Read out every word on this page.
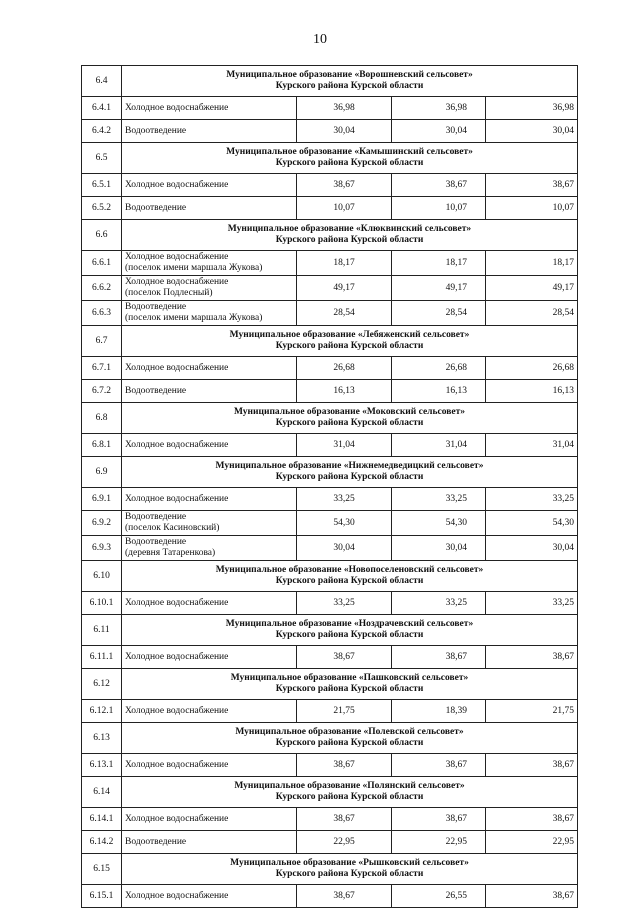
10
6.4	Муниципальное образование «Ворошневский сельсовет»
Курского района Курской области			

6.4.1	Холодное водоснабжение	36,98	36,98	36,98
6.4.2	Водоотведение	30,04	30,04	30,04
6.5	Муниципальное образование «Камышинский сельсовет»
Курского района Курской области			

6.5.1	Холодное водоснабжение	38,67	38,67	38,67
6.5.2	Водоотведение	10,07	10,07	10,07
6.6	Муниципальное образование «Клюквинский сельсовет»
Курского района Курской области			

6.6.1	Холодное водоснабжение
(поселок имени маршала Жукова)	18,17	18,17	18,17
6.6.2	Холодное водоснабжение
(поселок Подлесный)	49,17	49,17	49,17
6.6.3	Водоотведение
(поселок имени маршала Жукова)	28,54	28,54	28,54
6.7	Муниципальное образование «Лебяженский сельсовет»
Курского района Курской области			

6.7.1	Холодное водоснабжение	26,68	26,68	26,68
6.7.2	Водоотведение	16,13	16,13	16,13
6.8	Муниципальное образование «Моковский сельсовет»
Курского района Курской области			

6.8.1	Холодное водоснабжение	31,04	31,04	31,04
6.9	Муниципальное образование «Нижнемедведицкий сельсовет»
Курского района Курской области			

6.9.1	Холодное водоснабжение	33,25	33,25	33,25
6.9.2	Водоотведение
(поселок Касиновский)	54,30	54,30	54,30
6.9.3	Водоотведение
(деревня Татаренкова)	30,04	30,04	30,04
6.10	Муниципальное образование «Новопоселеновский сельсовет»
Курского района Курской области			

6.10.1	Холодное водоснабжение	33,25	33,25	33,25
6.11	Муниципальное образование «Ноздрачевский сельсовет»
Курского района Курской области			

6.11.1	Холодное водоснабжение	38,67	38,67	38,67
6.12	Муниципальное образование «Пашковский сельсовет»
Курского района Курской области			

6.12.1	Холодное водоснабжение	21,75	18,39	21,75
6.13	Муниципальное образование «Полевской сельсовет»
Курского района Курской области			

6.13.1	Холодное водоснабжение	38,67	38,67	38,67
6.14	Муниципальное образование «Полянский сельсовет»
Курского района Курской области			

6.14.1	Холодное водоснабжение	38,67	38,67	38,67
6.14.2	Водоотведение	22,95	22,95	22,95
6.15	Муниципальное образование «Рышковский сельсовет»
Курского района Курской области			

6.15.1	Холодное водоснабжение	38,67	26,55	38,67
